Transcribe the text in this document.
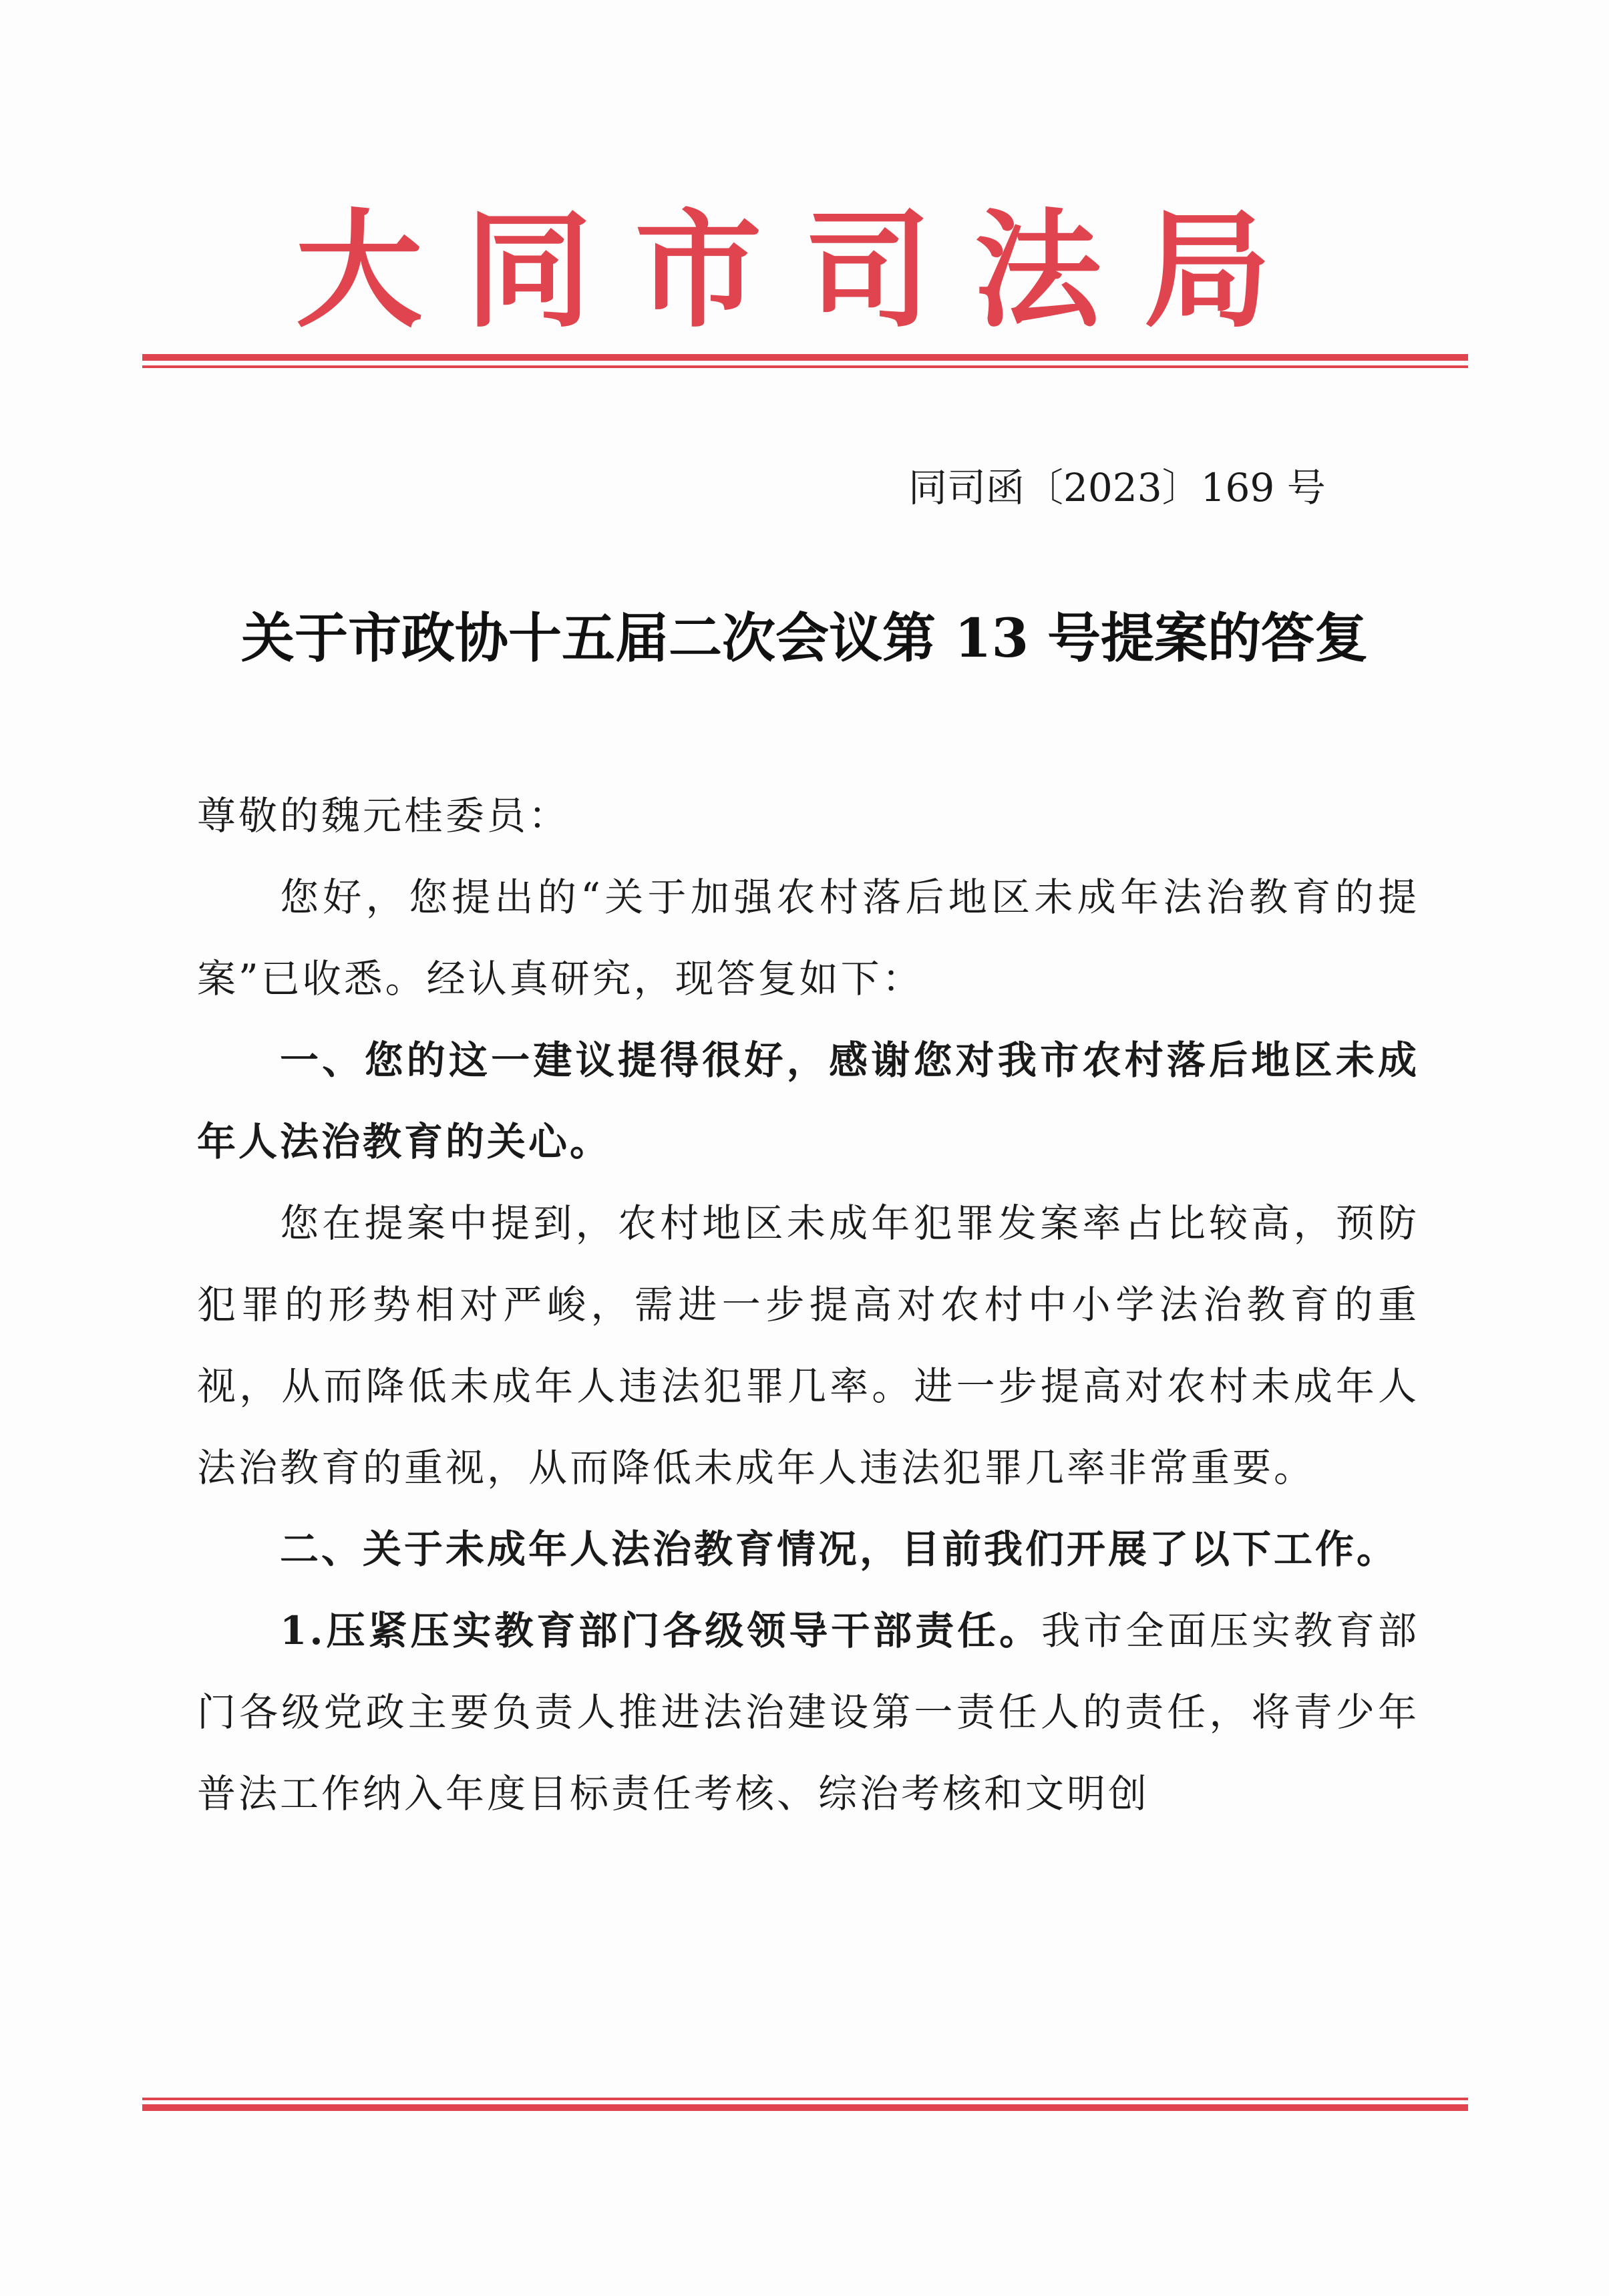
大同市司法局
同司函〔2023〕169 号
关于市政协十五届二次会议第 13 号提案的答复

尊敬的魏元桂委员：

您好，您提出的“关于加强农村落后地区未成年法治教育的提案”已收悉。经认真研究，现答复如下：

一、您的这一建议提得很好，感谢您对我市农村落后地区未成年人法治教育的关心。

您在提案中提到，农村地区未成年犯罪发案率占比较高，预防犯罪的形势相对严峻，需进一步提高对农村中小学法治教育的重视，从而降低未成年人违法犯罪几率。进一步提高对农村未成年人法治教育的重视，从而降低未成年人违法犯罪几率非常重要。

二、关于未成年人法治教育情况，目前我们开展了以下工作。

1.压紧压实教育部门各级领导干部责任。我市全面压实教育部门各级党政主要负责人推进法治建设第一责任人的责任，将青少年普法工作纳入年度目标责任考核、综治考核和文明创
